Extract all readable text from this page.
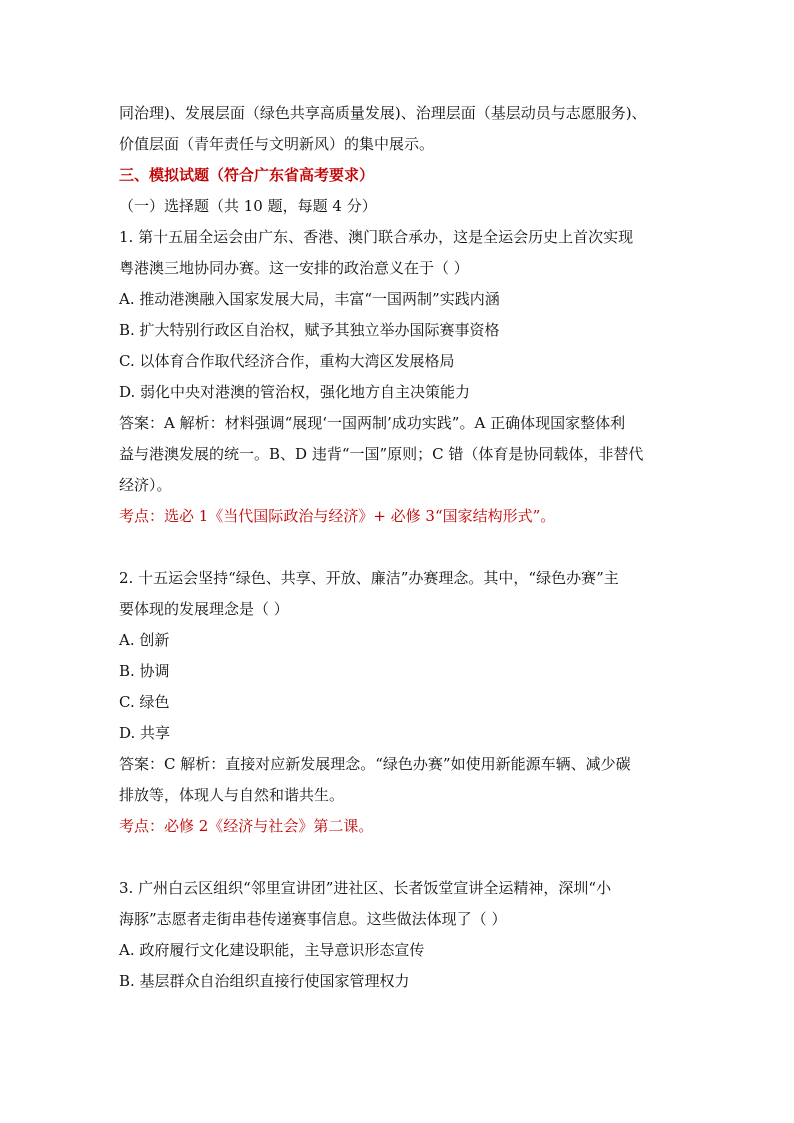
同治理)、发展层面（绿色共享高质量发展)、治理层面（基层动员与志愿服务)、
价值层面（青年责任与文明新风）的集中展示。
三、模拟试题（符合广东省高考要求）
（一）选择题（共 10 题，每题 4 分）
1. 第十五届全运会由广东、香港、澳门联合承办，这是全运会历史上首次实现
粤港澳三地协同办赛。这一安排的政治意义在于（ ）
A. 推动港澳融入国家发展大局，丰富“一国两制”实践内涵
B. 扩大特别行政区自治权，赋予其独立举办国际赛事资格
C. 以体育合作取代经济合作，重构大湾区发展格局
D. 弱化中央对港澳的管治权，强化地方自主决策能力
答案：A 解析：材料强调“展现‘一国两制’成功实践”。A 正确体现国家整体利
益与港澳发展的统一。B、D 违背“一国”原则；C 错（体育是协同载体，非替代
经济）。
考点：选必 1《当代国际政治与经济》+ 必修 3“国家结构形式”。
2. 十五运会坚持“绿色、共享、开放、廉洁”办赛理念。其中，“绿色办赛”主
要体现的发展理念是（ ）
A. 创新
B. 协调
C. 绿色
D. 共享
答案：C 解析：直接对应新发展理念。“绿色办赛”如使用新能源车辆、减少碳
排放等，体现人与自然和谐共生。
考点：必修 2《经济与社会》第二课。
3. 广州白云区组织“邻里宣讲团”进社区、长者饭堂宣讲全运精神，深圳“小
海豚”志愿者走街串巷传递赛事信息。这些做法体现了（ ）
A. 政府履行文化建设职能，主导意识形态宣传
B. 基层群众自治组织直接行使国家管理权力
